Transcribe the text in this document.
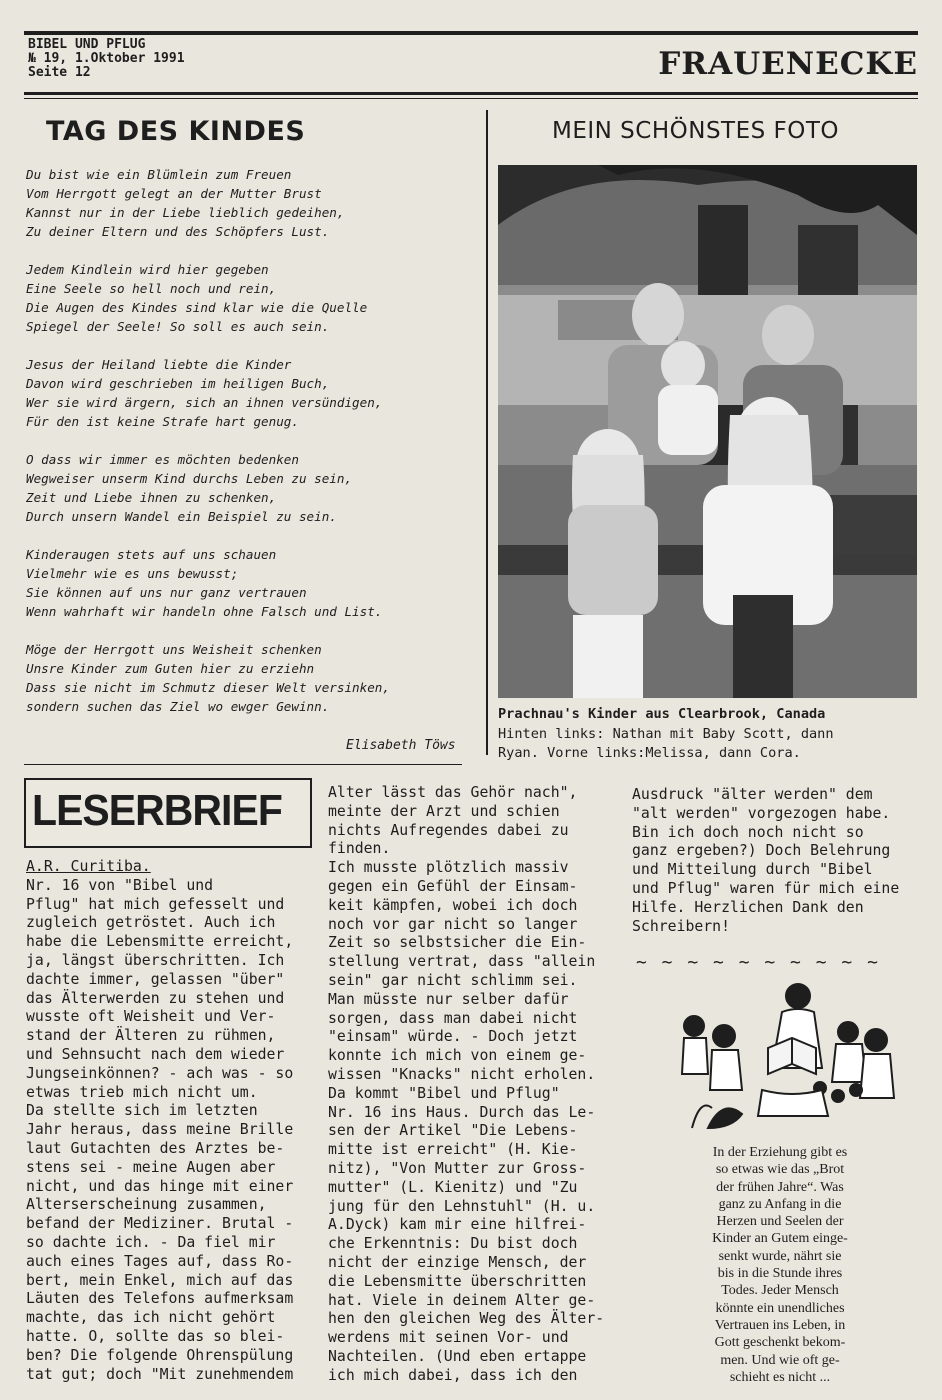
BIBEL UND PFLUG
№ 19, 1.Oktober 1991
Seite 12	FRAUENECKE
TAG DES KINDES
Du bist wie ein Blümlein zum Freuen
Vom Herrgott gelegt an der Mutter Brust
Kannst nur in der Liebe lieblich gedeihen,
Zu deiner Eltern und des Schöpfers Lust.
Jedem Kindlein wird hier gegeben
Eine Seele so hell noch und rein,
Die Augen des Kindes sind klar wie die Quelle
Spiegel der Seele! So soll es auch sein.
Jesus der Heiland liebte die Kinder
Davon wird geschrieben im heiligen Buch,
Wer sie wird ärgern, sich an ihnen versündigen,
Für den ist keine Strafe hart genug.
O dass wir immer es möchten bedenken
Wegweiser unserm Kind durchs Leben zu sein,
Zeit und Liebe ihnen zu schenken,
Durch unsern Wandel ein Beispiel zu sein.
Kinderaugen stets auf uns schauen
Vielmehr wie es uns bewusst;
Sie können auf uns nur ganz vertrauen
Wenn wahrhaft wir handeln ohne Falsch und List.
Möge der Herrgott uns Weisheit schenken
Unsre Kinder zum Guten hier zu erziehn
Dass sie nicht im Schmutz dieser Welt versinken,
sondern suchen das Ziel wo ewger Gewinn.
Elisabeth Töws
MEIN SCHÖNSTES FOTO
Prachnau's Kinder aus Clearbrook, Canada
Hinten links: Nathan mit Baby Scott, dann
Ryan. Vorne links:Melissa, dann Cora.
LESERBRIEF
A.R. Curitiba.
Nr. 16 von "Bibel und
Pflug" hat mich gefesselt und
zugleich getröstet. Auch ich
habe die Lebensmitte erreicht,
ja, längst überschritten. Ich
dachte immer, gelassen "über"
das Älterwerden zu stehen und
wusste oft Weisheit und Ver-
stand der Älteren zu rühmen,
und Sehnsucht nach dem wieder
Jungseinkönnen? - ach was - so
etwas trieb mich nicht um.
Da stellte sich im letzten
Jahr heraus, dass meine Brille
laut Gutachten des Arztes be-
stens sei - meine Augen aber
nicht, und das hinge mit einer
Alterserscheinung zusammen,
befand der Mediziner. Brutal -
so dachte ich. - Da fiel mir
auch eines Tages auf, dass Ro-
bert, mein Enkel, mich auf das
Läuten des Telefons aufmerksam
machte, das ich nicht gehört
hatte. O, sollte das so blei-
ben? Die folgende Ohrenspülung
tat gut; doch "Mit zunehmendem
Alter lässt das Gehör nach",
meinte der Arzt und schien
nichts Aufregendes dabei zu
finden.
Ich musste plötzlich massiv
gegen ein Gefühl der Einsam-
keit kämpfen, wobei ich doch
noch vor gar nicht so langer
Zeit so selbstsicher die Ein-
stellung vertrat, dass "allein
sein" gar nicht schlimm sei.
Man müsste nur selber dafür
sorgen, dass man dabei nicht
"einsam" würde. - Doch jetzt
konnte ich mich von einem ge-
wissen "Knacks" nicht erholen.
Da kommt "Bibel und Pflug"
Nr. 16 ins Haus. Durch das Le-
sen der Artikel "Die Lebens-
mitte ist erreicht" (H. Kie-
nitz), "Von Mutter zur Gross-
mutter" (L. Kienitz) und "Zu
jung für den Lehnstuhl" (H. u.
A.Dyck) kam mir eine hilfrei-
che Erkenntnis: Du bist doch
nicht der einzige Mensch, der
die Lebensmitte überschritten
hat. Viele in deinem Alter ge-
hen den gleichen Weg des Älter-
werdens mit seinen Vor- und
Nachteilen. (Und eben ertappe
ich mich dabei, dass ich den
Ausdruck "älter werden" dem
"alt werden" vorgezogen habe.
Bin ich doch noch nicht so
ganz ergeben?) Doch Belehrung
und Mitteilung durch "Bibel
und Pflug" waren für mich eine
Hilfe. Herzlichen Dank den
Schreibern!
~ ~ ~ ~ ~ ~ ~ ~ ~ ~
In der Erziehung gibt es
so etwas wie das „Brot
der frühen Jahre“. Was
ganz zu Anfang in die
Herzen und Seelen der
Kinder an Gutem einge-
senkt wurde, nährt sie
bis in die Stunde ihres
Todes. Jeder Mensch
könnte ein unendliches
Vertrauen ins Leben, in
Gott geschenkt bekom-
men. Und wie oft ge-
schieht es nicht ...
